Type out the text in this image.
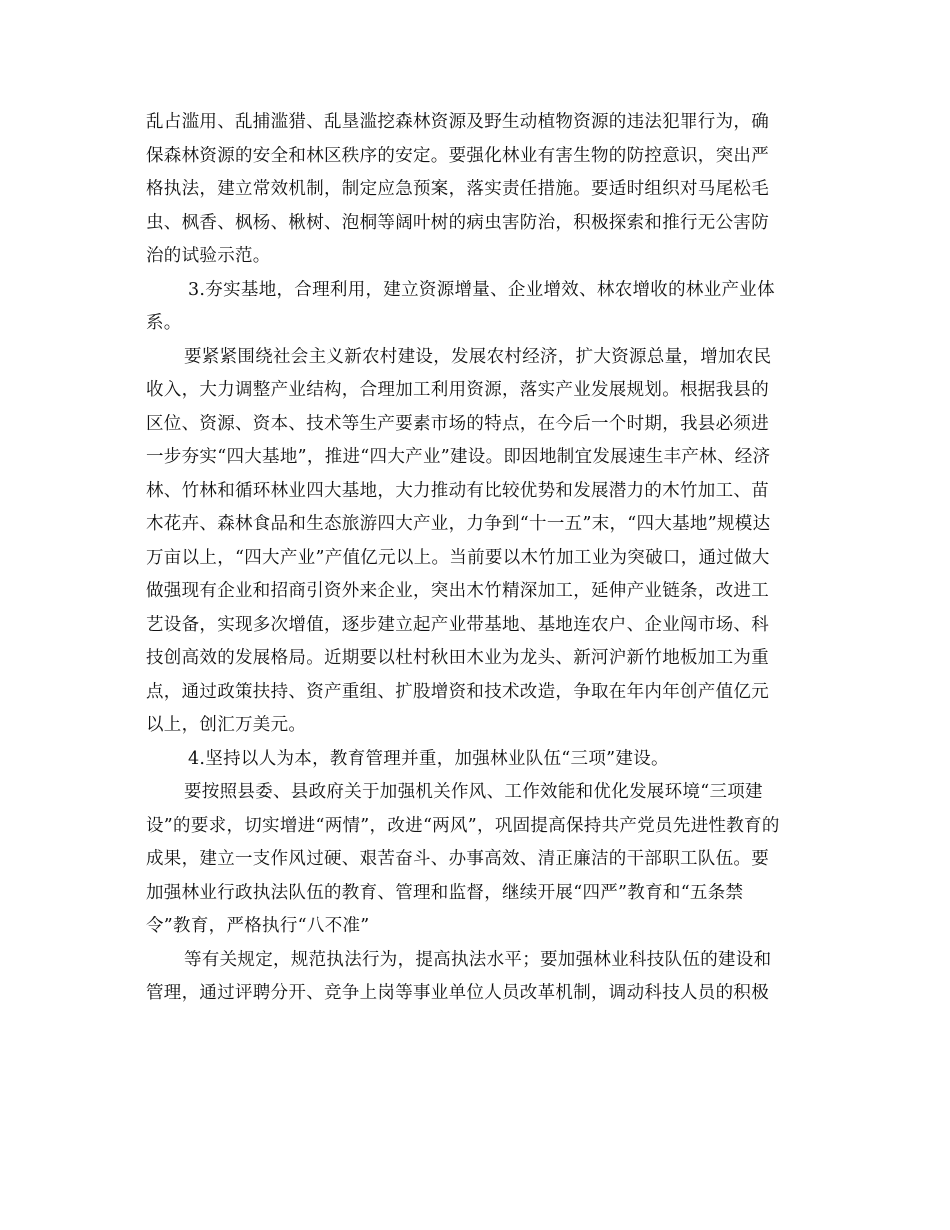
乱占滥用、乱捕滥猎、乱垦滥挖森林资源及野生动植物资源的违法犯罪行为，确
保森林资源的安全和林区秩序的安定。要强化林业有害生物的防控意识，突出严
格执法，建立常效机制，制定应急预案，落实责任措施。要适时组织对马尾松毛
虫、枫香、枫杨、楸树、泡桐等阔叶树的病虫害防治，积极探索和推行无公害防
治的试验示范。
3.夯实基地，合理利用，建立资源增量、企业增效、林农增收的林业产业体
系。
要紧紧围绕社会主义新农村建设，发展农村经济，扩大资源总量，增加农民
收入，大力调整产业结构，合理加工利用资源，落实产业发展规划。根据我县的
区位、资源、资本、技术等生产要素市场的特点，在今后一个时期，我县必须进
一步夯实“四大基地”，推进“四大产业”建设。即因地制宜发展速生丰产林、经济
林、竹林和循环林业四大基地，大力推动有比较优势和发展潜力的木竹加工、苗
木花卉、森林食品和生态旅游四大产业，力争到“十一五”末，“四大基地”规模达
万亩以上，“四大产业”产值亿元以上。当前要以木竹加工业为突破口，通过做大
做强现有企业和招商引资外来企业，突出木竹精深加工，延伸产业链条，改进工
艺设备，实现多次增值，逐步建立起产业带基地、基地连农户、企业闯市场、科
技创高效的发展格局。近期要以杜村秋田木业为龙头、新河沪新竹地板加工为重
点，通过政策扶持、资产重组、扩股增资和技术改造，争取在年内年创产值亿元
以上，创汇万美元。
4.坚持以人为本，教育管理并重，加强林业队伍“三项”建设。
要按照县委、县政府关于加强机关作风、工作效能和优化发展环境“三项建
设”的要求，切实增进“两情”，改进“两风”，巩固提高保持共产党员先进性教育的
成果，建立一支作风过硬、艰苦奋斗、办事高效、清正廉洁的干部职工队伍。要
加强林业行政执法队伍的教育、管理和监督，继续开展“四严”教育和“五条禁
令”教育，严格执行“八不准”
等有关规定，规范执法行为，提高执法水平；要加强林业科技队伍的建设和
管理，通过评聘分开、竞争上岗等事业单位人员改革机制，调动科技人员的积极
